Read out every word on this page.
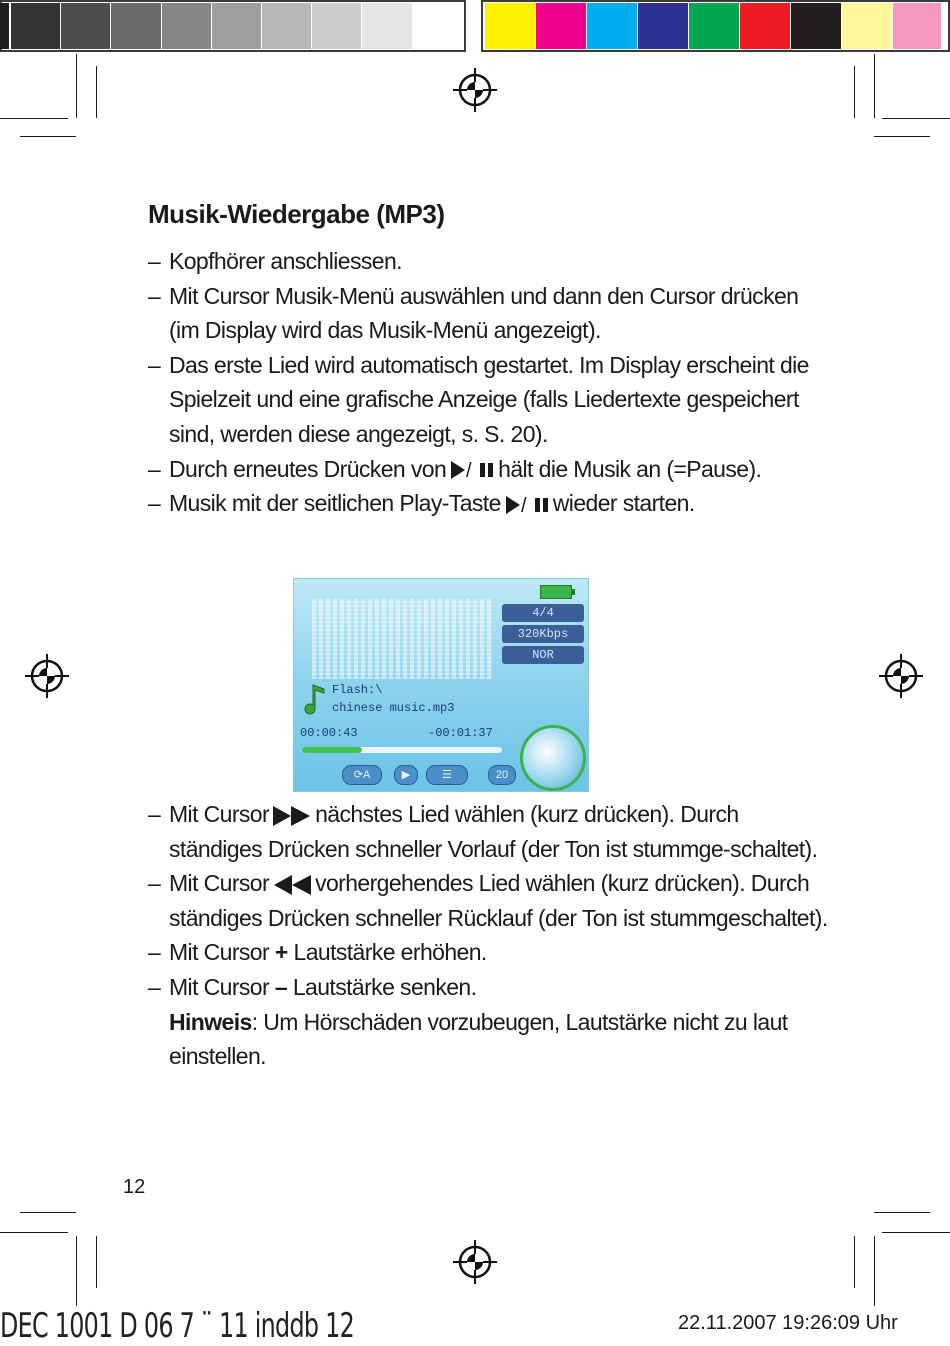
Musik-Wiedergabe (MP3)
– Kopfhörer anschliessen.
– Mit Cursor Musik-Menü auswählen und dann den Cursor drücken (im Display wird das Musik-Menü angezeigt).
– Das erste Lied wird automatisch gestartet. Im Display erscheint die Spielzeit und eine grafische Anzeige (falls Liedertexte gespeichert sind, werden diese angezeigt, s. S. 20).
– Durch erneutes Drücken von / hält die Musik an (=Pause).
– Musik mit der seitlichen Play-Taste / wieder starten.
4/4
320Kbps
NOR
Flash:\
chinese music.mp3
00:00:43	-00:01:37
⟳A	▶	☰	20
– Mit Cursor nächstes Lied wählen (kurz drücken). Durch ständiges Drücken schneller Vorlauf (der Ton ist stummge-schaltet).
– Mit Cursor vorhergehendes Lied wählen (kurz drücken). Durch ständiges Drücken schneller Rücklauf (der Ton ist stummgeschaltet).
– Mit Cursor + Lautstärke erhöhen.
– Mit Cursor – Lautstärke senken.
Hinweis: Um Hörschäden vorzubeugen, Lautstärke nicht zu laut einstellen.
12
DEC 1001 D 06 7 ¨ 11 inddb 12	22.11.2007 19:26:09 Uhr
